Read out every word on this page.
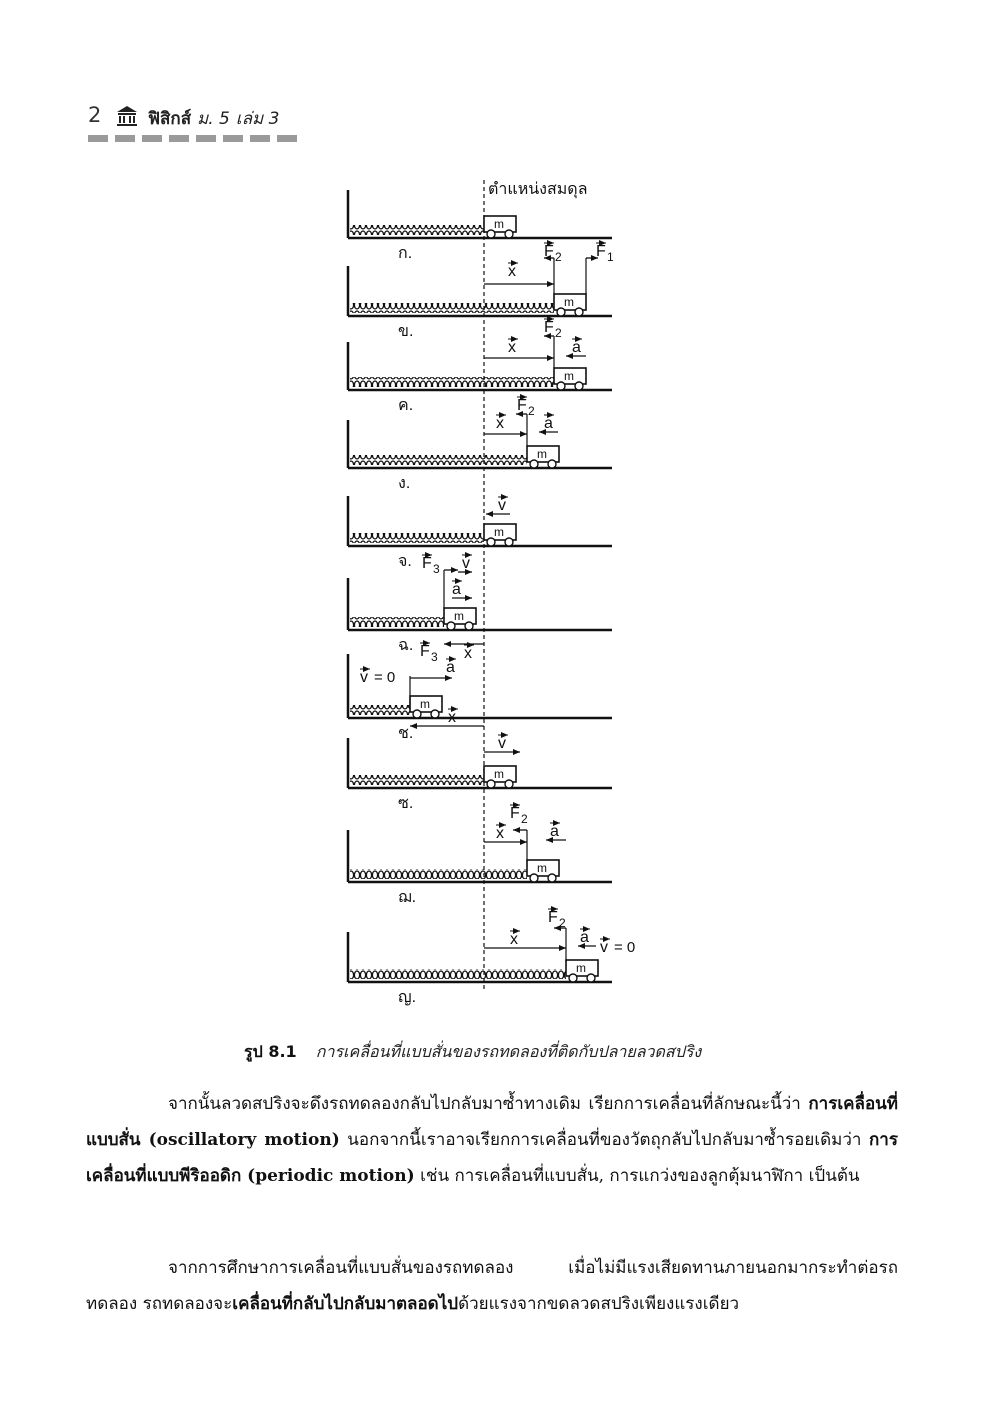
2	ฟิสิกส์ ม. 5 เล่ม 3
ตำแหน่งสมดุล
m
ก.
m
ข.
m
ค.
m
ง.
m
จ.
m
ฉ.
m
ช.
m
ซ.
m
ฌ.
m
ญ.
x
F 2 F 1
x
F 2
a
x
F 2
a
v
F 3 v
a
x
v = 0
a
F 3
x
v
x
F 2
a
x
F 2
a
v = 0
รูป 8.1 การเคลื่อนที่แบบสั่นของรถทดลองที่ติดกับปลายลวดสปริง

จากนั้นลวดสปริงจะดึงรถทดลองกลับไปกลับมาซ้ำทางเดิม เรียกการเคลื่อนที่ลักษณะนี้ว่า การเคลื่อนที่แบบสั่น (oscillatory motion) นอกจากนี้เราอาจเรียกการเคลื่อนที่ของวัตถุกลับไปกลับมาซ้ำรอยเดิมว่า การเคลื่อนที่แบบพีริออดิก (periodic motion) เช่น การเคลื่อนที่แบบสั่น, การแกว่งของลูกตุ้มนาฬิกา เป็นต้น

จากการศึกษาการเคลื่อนที่แบบสั่นของรถทดลอง เมื่อไม่มีแรงเสียดทานภายนอกมากระทำต่อรถทดลอง รถทดลองจะเคลื่อนที่กลับไปกลับมาตลอดไปด้วยแรงจากขดลวดสปริงเพียงแรงเดียว
